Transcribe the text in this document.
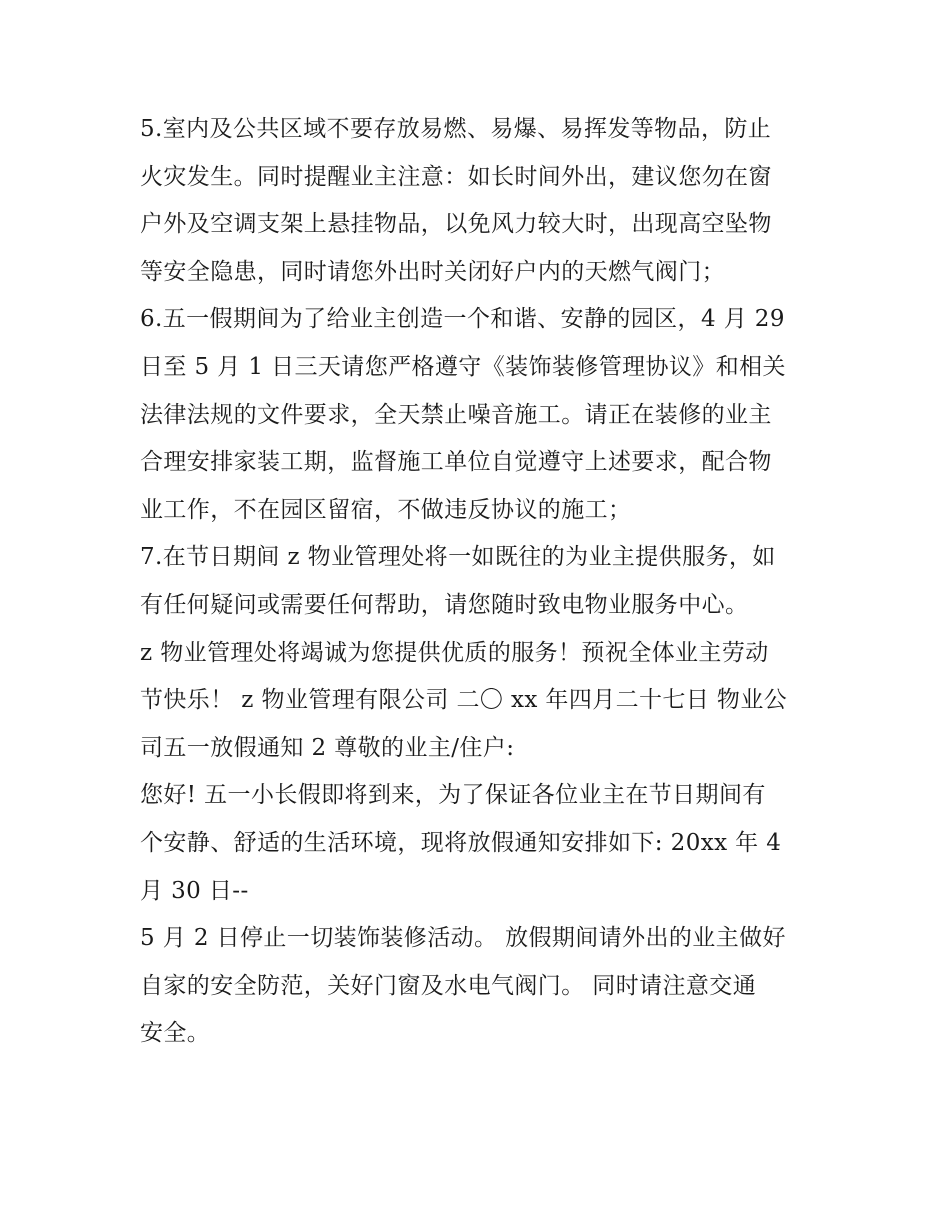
5.室内及公共区域不要存放易燃、易爆、易挥发等物品，防止
火灾发生。同时提醒业主注意：如长时间外出，建议您勿在窗
户外及空调支架上悬挂物品，以免风力较大时，出现高空坠物
等安全隐患，同时请您外出时关闭好户内的天燃气阀门；
6.五一假期间为了给业主创造一个和谐、安静的园区，4 月 29
日至 5 月 1 日三天请您严格遵守《装饰装修管理协议》和相关
法律法规的文件要求，全天禁止噪音施工。请正在装修的业主
合理安排家装工期，监督施工单位自觉遵守上述要求，配合物
业工作，不在园区留宿，不做违反协议的施工；
7.在节日期间 z 物业管理处将一如既往的为业主提供服务，如
有任何疑问或需要任何帮助，请您随时致电物业服务中心。
z 物业管理处将竭诚为您提供优质的服务！预祝全体业主劳动
节快乐！ z 物业管理有限公司 二〇 xx 年四月二十七日 物业公
司五一放假通知 2 尊敬的业主/住户:
您好! 五一小长假即将到来，为了保证各位业主在节日期间有
个安静、舒适的生活环境，现将放假通知安排如下: 20xx 年 4
月 30 日--
5 月 2 日停止一切装饰装修活动。 放假期间请外出的业主做好
自家的安全防范，关好门窗及水电气阀门。 同时请注意交通
安全。
